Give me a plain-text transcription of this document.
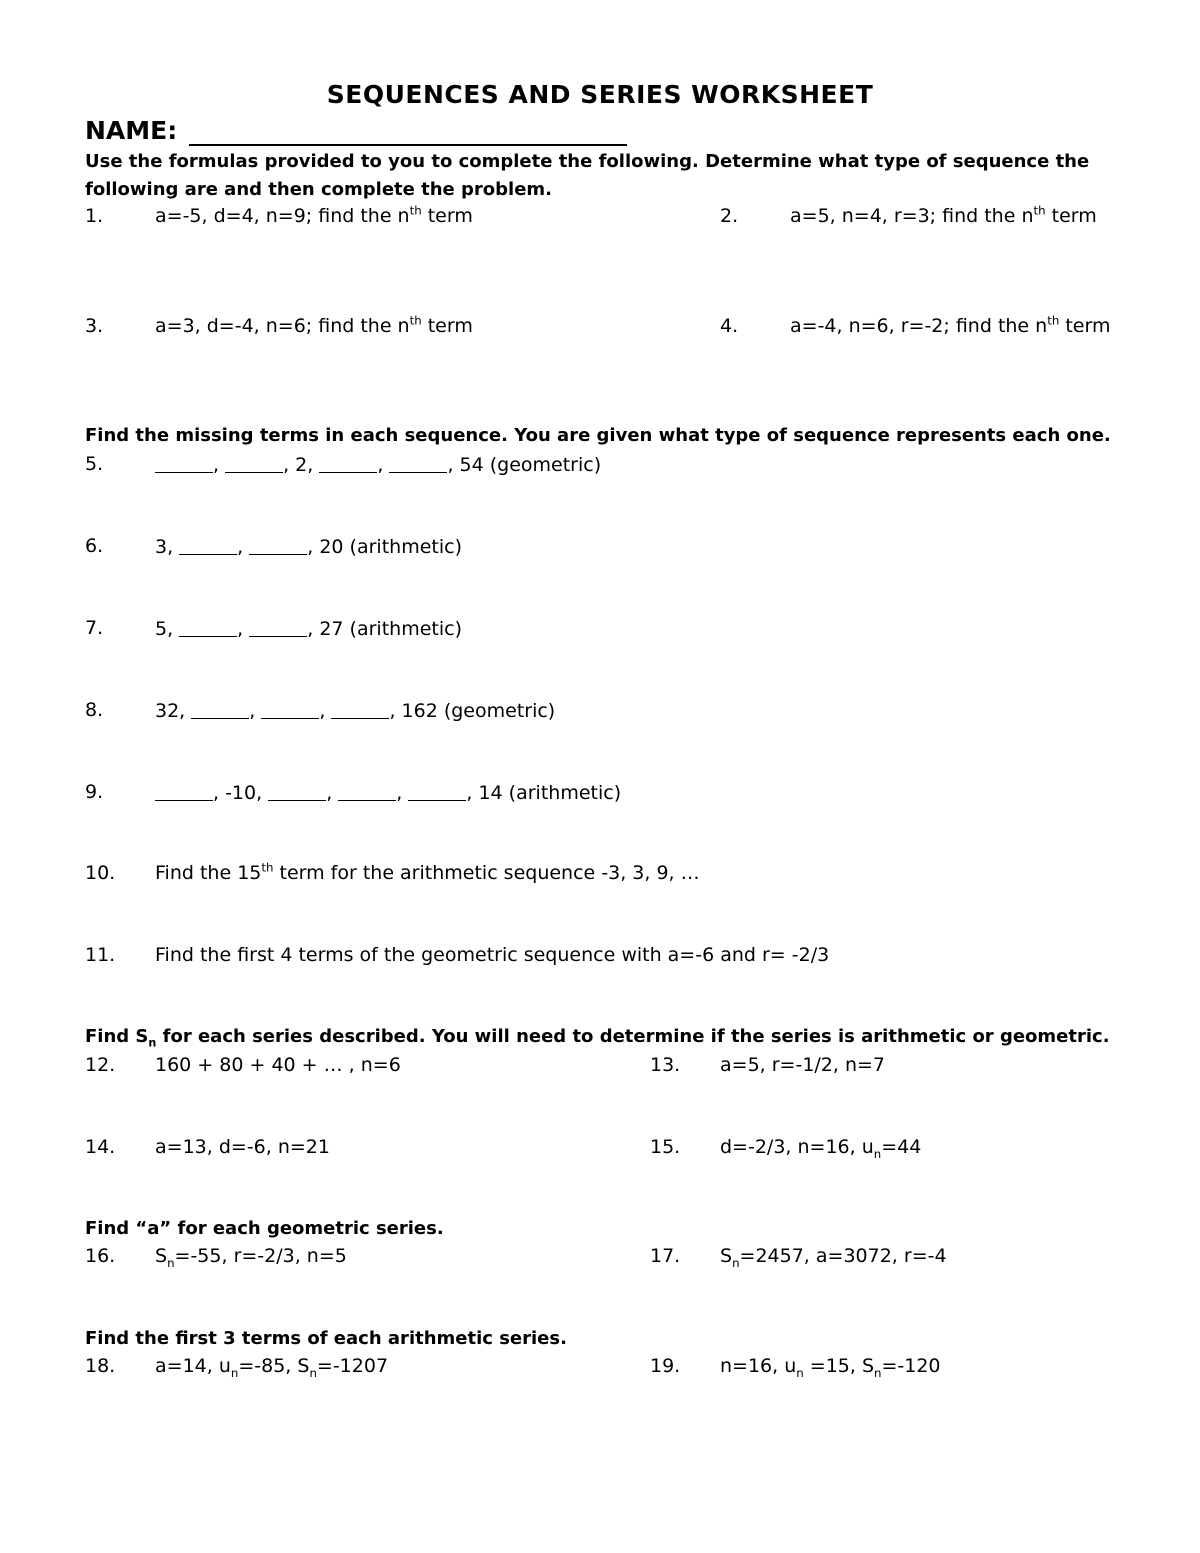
SEQUENCES AND SERIES WORKSHEET
NAME:
Use the formulas provided to you to complete the following. Determine what type of sequence the
following are and then complete the problem.
1.	a=-5, d=4, n=9; find the $n^{th}$ term	2.	a=5, n=4, r=3; find the $n^{th}$ term
3.	a=3, d=-4, n=6; find the $n^{th}$ term	4.	a=-4, n=6, r=-2; find the $n^{th}$ term
Find the missing terms in each sequence. You are given what type of sequence represents each one.
5.	,	, 2,	,	, 54 (geometric)
6.	3,	,	, 20 (arithmetic)
7.	5,	,	, 27 (arithmetic)
8.	32,	,	,	, 162 (geometric)
9.	, -10,	,	,	, 14 (arithmetic)
10. Find the 15th term for the arithmetic sequence -3, 3, 9, …
11. Find the first 4 terms of the geometric sequence with a=-6 and r= -2/3
Find $S_n$ for each series described. You will need to determine if the series is arithmetic or geometric.
12. 160 + 80 + 40 + … , n=6	13. a=5, r=-1/2, n=7
14. a=13, d=-6, n=21	15. d=-2/3, n=16, $u_n=44$
Find “a” for each geometric series.
16. $S_n=-55$, r=-2/3, n=5	17. $S_n=2457$, a=3072, r=-4
Find the first 3 terms of each arithmetic series.
18. a=14, $u_n=-85$, $S_n=-1207$	19. n=16, $u_n =15$, $S_n=-120$
